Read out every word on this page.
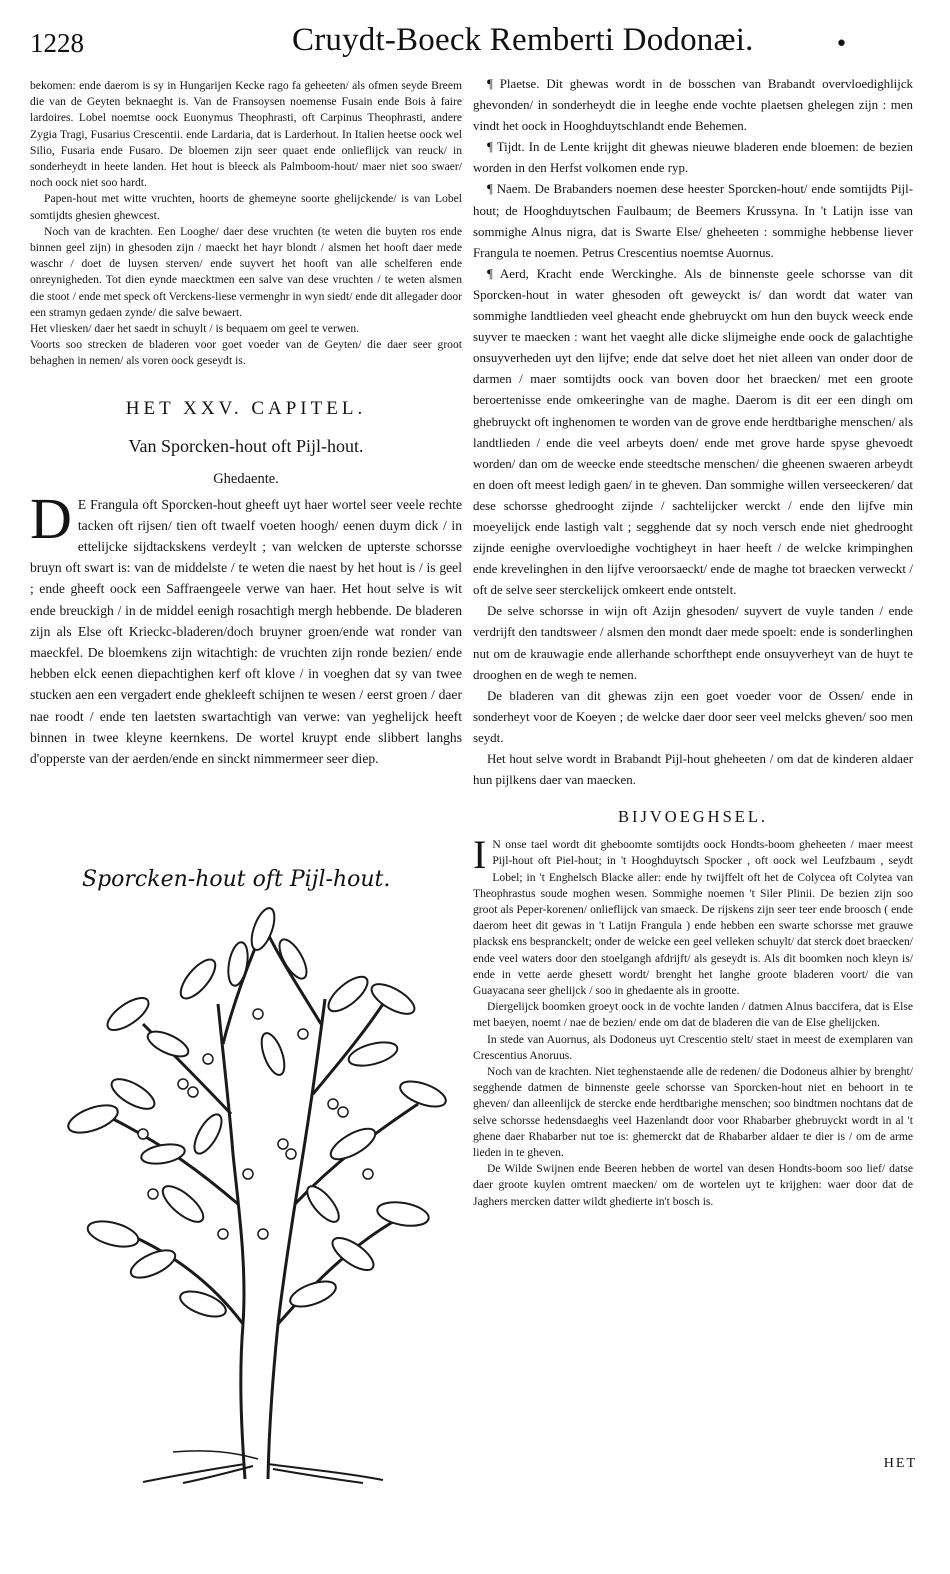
1228	Cruydt-Boeck Remberti Dodonæi.	•

bekomen: ende daerom is sy in Hungarijen Kecke rago fa geheeten/ als ofmen seyde Breem die van de Geyten beknaeght is. Van de Fransoysen noemense Fusain ende Bois à faire lardoires. Lobel noemtse oock Euonymus Theophrasti, oft Carpinus Theophrasti, andere Zygia Tragi, Fusarius Crescentii. ende Lardaria, dat is Larderhout. In Italien heetse oock wel Silio, Fusaria ende Fusaro. De bloemen zijn seer quaet ende onlieflijck van reuck/ in sonderheydt in heete landen. Het hout is bleeck als Palmboom-hout/ maer niet soo swaer/ noch oock niet soo hardt.

Papen-hout met witte vruchten, hoorts de ghemeyne soorte ghelijckende/ is van Lobel somtijdts ghesien ghewcest.

Noch van de krachten. Een Looghe/ daer dese vruchten (te weten die buyten ros ende binnen geel zijn) in ghesoden zijn / maeckt het hayr blondt / alsmen het hooft daer mede waschr / doet de luysen sterven/ ende suyvert het hooft van alle schelferen ende onreynigheden. Tot dien eynde maecktmen een salve van dese vruchten / te weten alsmen die stoot / ende met speck oft Verckens-liese vermenghr in wyn siedt/ ende dit allegader door een stramyn gedaen zynde/ die salve bewaert.

Het vliesken/ daer het saedt in schuylt / is bequaem om geel te verwen.

Voorts soo strecken de bladeren voor goet voeder van de Geyten/ die daer seer groot behaghen in nemen/ als voren oock geseydt is.

HET XXV. CAPITEL.
Van Sporcken-hout oft Pijl-hout.
Ghedaente.

D E Frangula oft Sporcken-hout gheeft uyt haer wortel seer veele rechte tacken oft rijsen/ tien oft twaelf voeten hoogh/ eenen duym dick / in ettelijcke sijdtackskens verdeylt ; van welcken de upterste schorsse bruyn oft swart is: van de middelste / te weten die naest by het hout is / is geel ; ende gheeft oock een Saffraengeele verwe van haer. Het hout selve is wit ende breuckigh / in de middel eenigh rosachtigh mergh hebbende. De bladeren zijn als Else oft Krieckc-bladeren/doch bruyner groen/ende wat ronder van maeckfel. De bloemkens zijn witachtigh: de vruchten zijn ronde bezien/ ende hebben elck eenen diepachtighen kerf oft klove / in voeghen dat sy van twee stucken aen een vergadert ende ghekleeft schijnen te wesen / eerst groen / daer nae roodt / ende ten laetsten swartachtigh van verwe: van yeghelijck heeft binnen in twee kleyne keernkens. De wortel kruypt ende slibbert langhs d'opperste van der aerden/ende en sinckt nimmermeer seer diep.

Sporcken-hout oft Pijl-hout.

¶ Plaetse. Dit ghewas wordt in de bosschen van Brabandt overvloedighlijck ghevonden/ in sonderheydt die in leeghe ende vochte plaetsen ghelegen zijn : men vindt het oock in Hooghduytschlandt ende Behemen.

¶ Tijdt. In de Lente krijght dit ghewas nieuwe bladeren ende bloemen: de bezien worden in den Herfst volkomen ende ryp.

¶ Naem. De Brabanders noemen dese heester Sporcken-hout/ ende somtijdts Pijl-hout; de Hooghduytschen Faulbaum; de Beemers Krussyna. In 't Latijn isse van sommighe Alnus nigra, dat is Swarte Else/ gheheeten : sommighe hebbense liever Frangula te noemen. Petrus Crescentius noemtse Auornus.

¶ Aerd, Kracht ende Werckinghe. Als de binnenste geele schorsse van dit Sporcken-hout in water ghesoden oft geweyckt is/ dan wordt dat water van sommighe landtlieden veel gheacht ende ghebruyckt om hun den buyck weeck ende suyver te maecken : want het vaeght alle dicke slijmeighe ende oock de galachtighe onsuyverheden uyt den lijfve; ende dat selve doet het niet alleen van onder door de darmen / maer somtijdts oock van boven door het braecken/ met een groote beroertenisse ende omkeeringhe van de maghe. Daerom is dit eer een dingh om ghebruyckt oft inghenomen te worden van de grove ende herdtbarighe menschen/ als landtlieden / ende die veel arbeyts doen/ ende met grove harde spyse ghevoedt worden/ dan om de weecke ende steedtsche menschen/ die gheenen swaeren arbeydt en doen oft meest ledigh gaen/ in te gheven. Dan sommighe willen verseeckeren/ dat dese schorsse ghedrooght zijnde / sachtelijcker werckt / ende den lijfve min moeyelijck ende lastigh valt ; segghende dat sy noch versch ende niet ghedrooght zijnde eenighe overvloedighe vochtigheyt in haer heeft / de welcke krimpinghen ende krevelinghen in den lijfve veroorsaeckt/ ende de maghe tot braecken verweckt / oft de selve seer sterckelijck omkeert ende ontstelt.

De selve schorsse in wijn oft Azijn ghesoden/ suyvert de vuyle tanden / ende verdrijft den tandtsweer / alsmen den mondt daer mede spoelt: ende is sonderlinghen nut om de krauwagie ende allerhande schorfthept ende onsuyverheyt van de huyt te drooghen en de wegh te nemen.

De bladeren van dit ghewas zijn een goet voeder voor de Ossen/ ende in sonderheyt voor de Koeyen ; de welcke daer door seer veel melcks gheven/ soo men seydt.

Het hout selve wordt in Brabandt Pijl-hout gheheeten / om dat de kinderen aldaer hun pijlkens daer van maecken.

BIJVOEGHSEL.

I N onse tael wordt dit gheboomte somtijdts oock Hondts-boom gheheeten / maer meest Pijl-hout oft Piel-hout; in 't Hooghduytsch Spocker , oft oock wel Leufzbaum , seydt Lobel; in 't Enghelsch Blacke aller: ende hy twijffelt oft het de Colycea oft Colytea van Theophrastus soude moghen wesen. Sommighe noemen 't Siler Plinii. De bezien zijn soo groot als Peper-korenen/ onlieflijck van smaeck. De rijskens zijn seer teer ende broosch ( ende daerom heet dit gewas in 't Latijn Frangula ) ende hebben een swarte schorsse met grauwe placksk ens bespranckelt; onder de welcke een geel velleken schuylt/ dat sterck doet braecken/ ende veel waters door den stoelgangh afdrijft/ als geseydt is. Als dit boomken noch kleyn is/ ende in vette aerde ghesett wordt/ brenght het langhe groote bladeren voort/ die van Guayacana seer ghelijck / soo in ghedaente als in grootte.

Diergelijck boomken groeyt oock in de vochte landen / datmen Alnus baccifera, dat is Else met baeyen, noemt / nae de bezien/ ende om dat de bladeren die van de Else ghelijcken.

In stede van Auornus, als Dodoneus uyt Crescentio stelt/ staet in meest de exemplaren van Crescentius Anoruus.

Noch van de krachten. Niet teghenstaende alle de redenen/ die Dodoneus alhier by brenght/ segghende datmen de binnenste geele schorsse van Sporcken-hout niet en behoort in te gheven/ dan alleenlijck de stercke ende herdtbarighe menschen; soo bindtmen nochtans dat de selve schorsse hedensdaeghs veel Hazenlandt door voor Rhabarber ghebruyckt wordt in al 't ghene daer Rhabarber nut toe is: ghemerckt dat de Rhabarber aldaer te dier is / om de arme lieden in te gheven.

De Wilde Swijnen ende Beeren hebben de wortel van desen Hondts-boom soo lief/ datse daer groote kuylen omtrent maecken/ om de wortelen uyt te krijghen: waer door dat de Jaghers mercken datter wildt ghedierte in't bosch is.

HET
